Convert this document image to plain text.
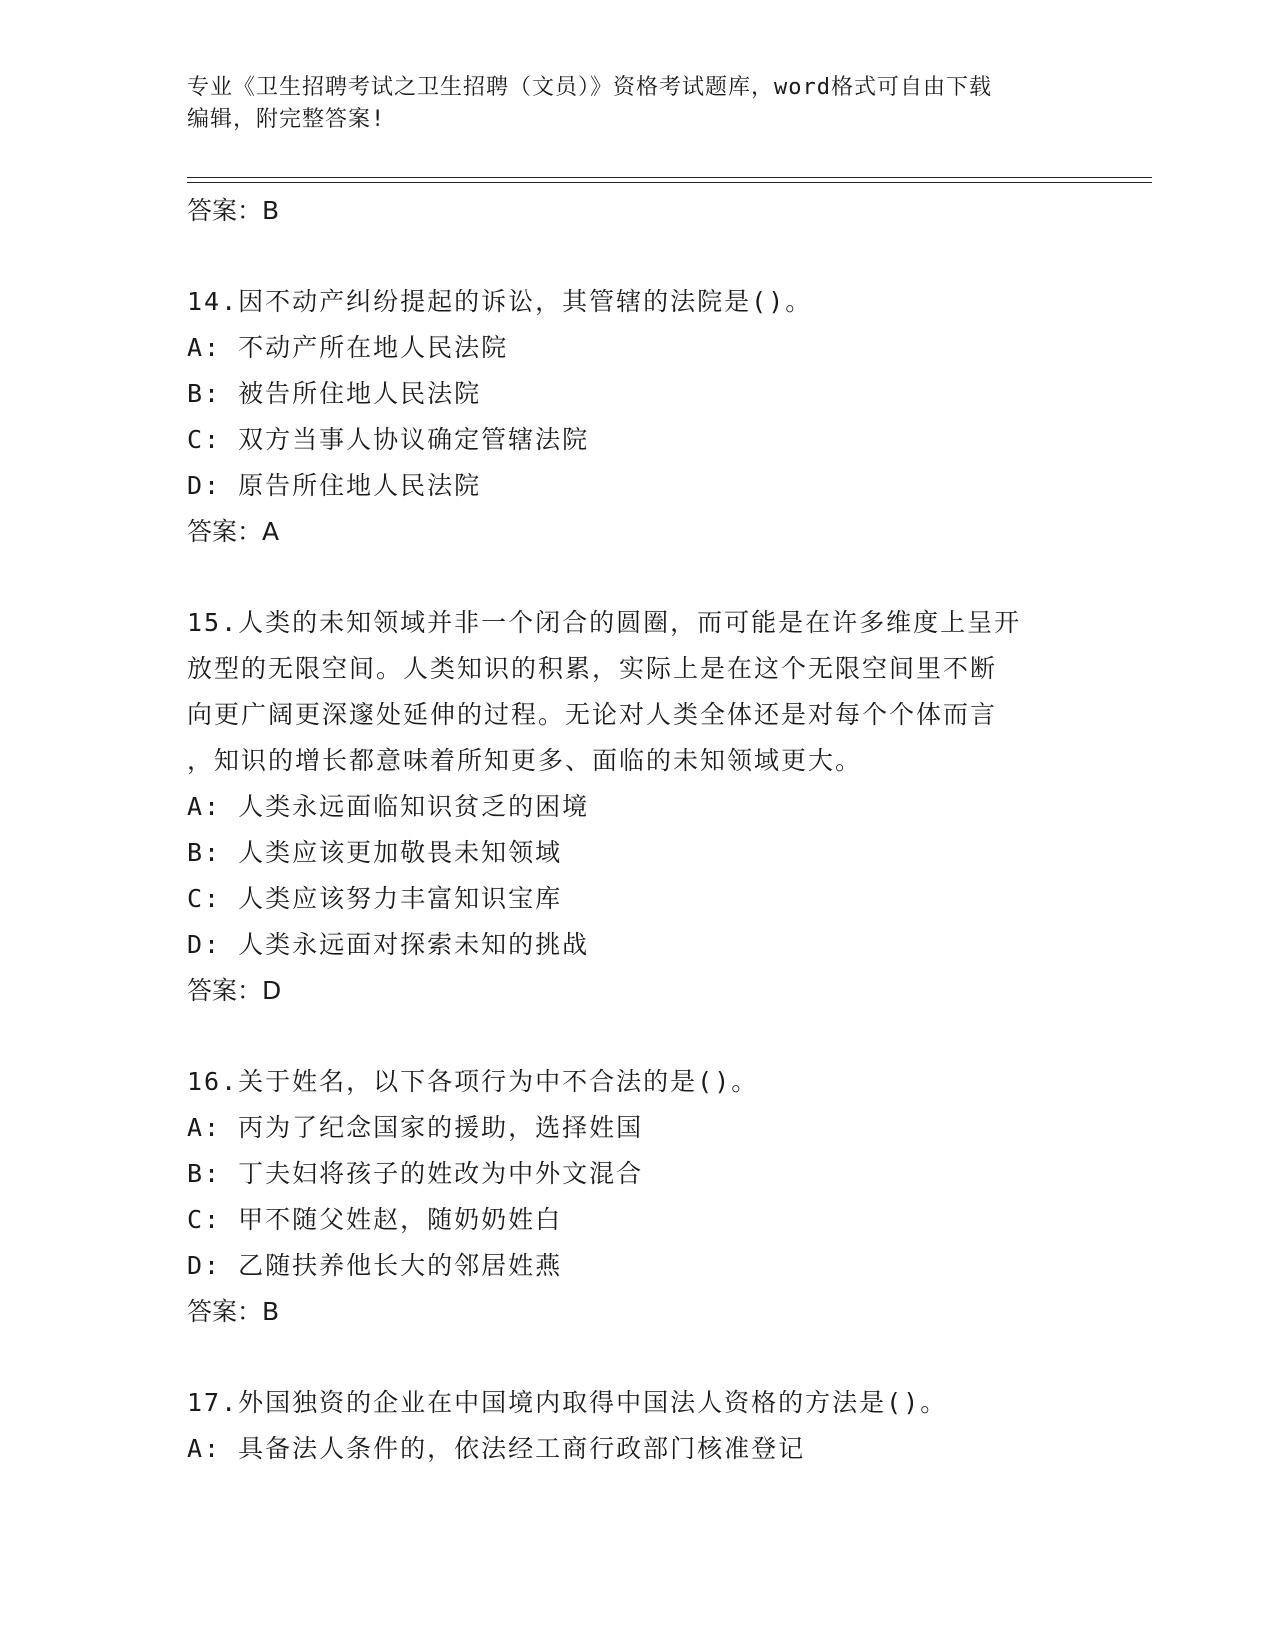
专业《卫生招聘考试之卫生招聘（文员）》资格考试题库，word格式可自由下载
编辑，附完整答案!
答案：B
14.因不动产纠纷提起的诉讼，其管辖的法院是()。
A: 不动产所在地人民法院
B: 被告所住地人民法院
C: 双方当事人协议确定管辖法院
D: 原告所住地人民法院
答案：A
15.人类的未知领域并非一个闭合的圆圈，而可能是在许多维度上呈开
放型的无限空间。人类知识的积累，实际上是在这个无限空间里不断
向更广阔更深邃处延伸的过程。无论对人类全体还是对每个个体而言
，知识的增长都意味着所知更多、面临的未知领域更大。
A: 人类永远面临知识贫乏的困境
B: 人类应该更加敬畏未知领域
C: 人类应该努力丰富知识宝库
D: 人类永远面对探索未知的挑战
答案：D
16.关于姓名，以下各项行为中不合法的是()。
A: 丙为了纪念国家的援助，选择姓国
B: 丁夫妇将孩子的姓改为中外文混合
C: 甲不随父姓赵，随奶奶姓白
D: 乙随扶养他长大的邻居姓燕
答案：B
17.外国独资的企业在中国境内取得中国法人资格的方法是()。
A: 具备法人条件的，依法经工商行政部门核准登记
